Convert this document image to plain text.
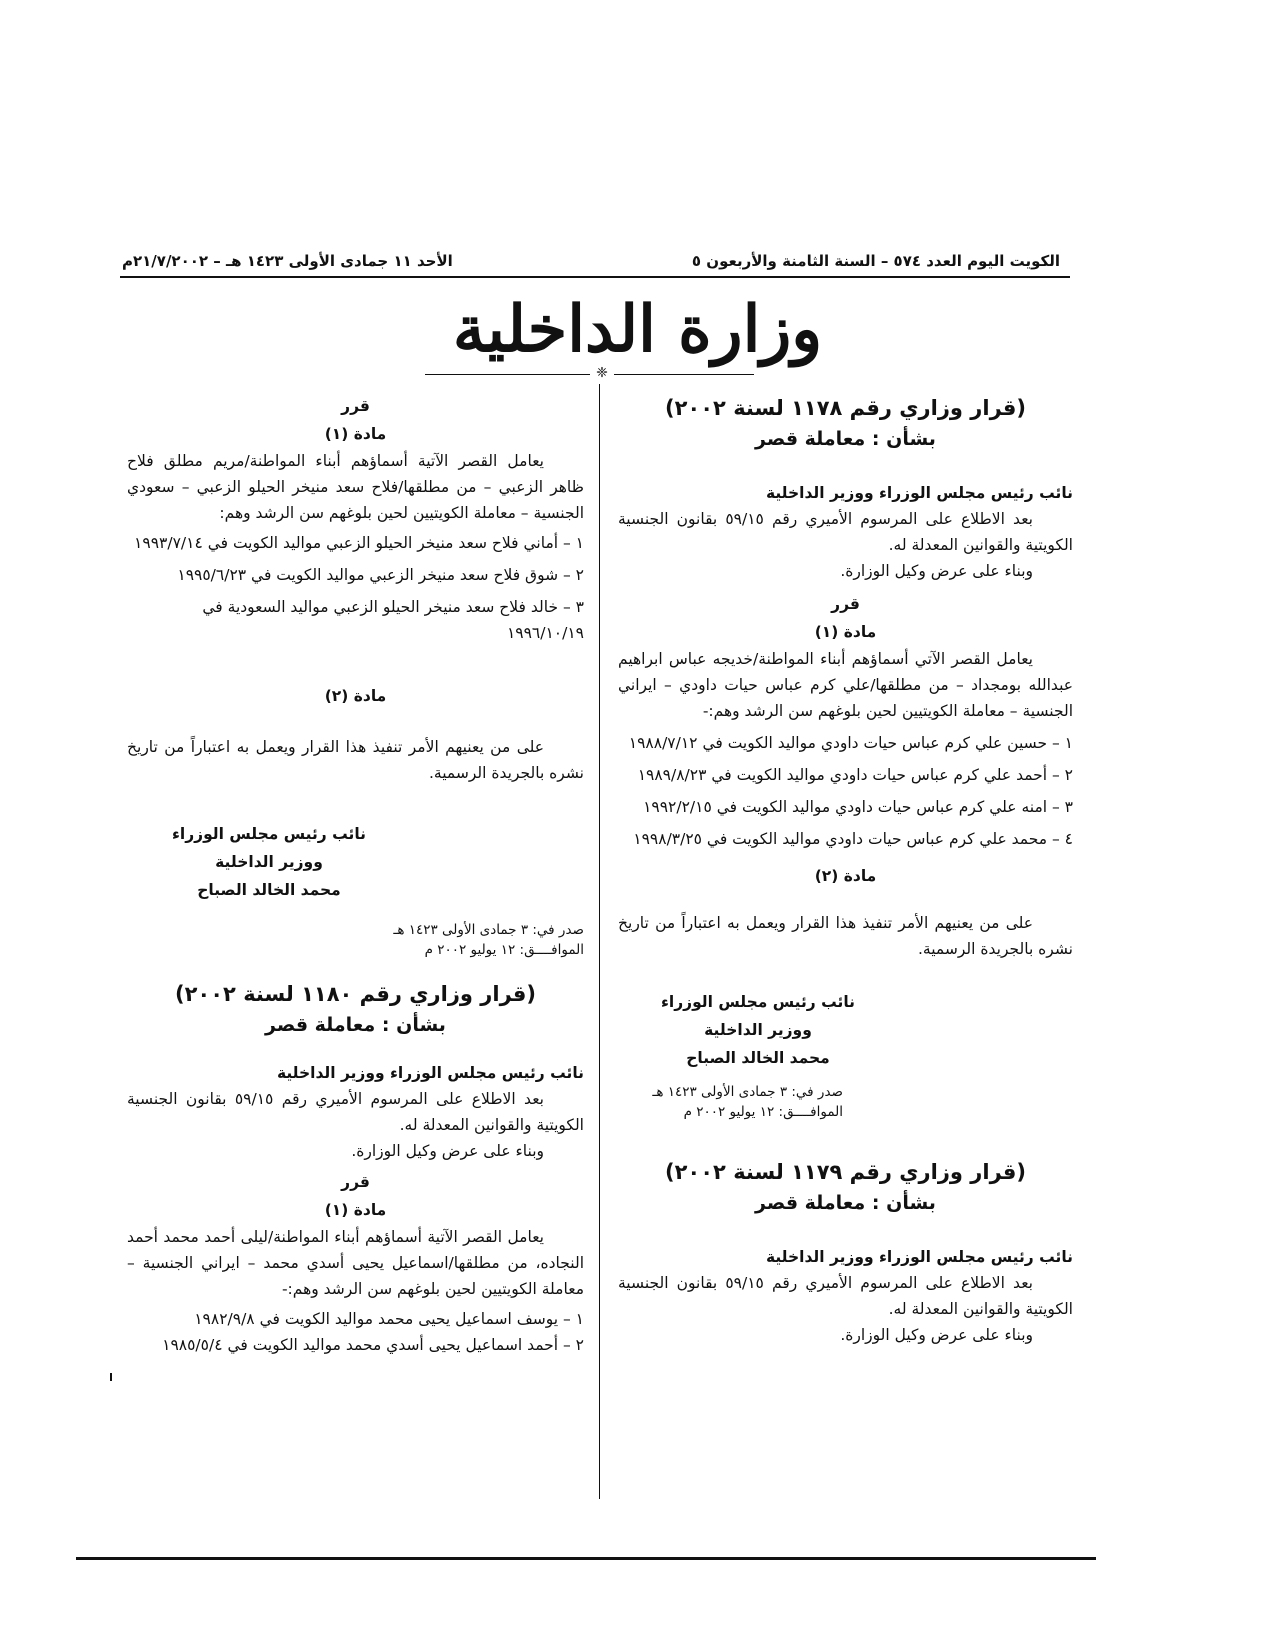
الكويت اليوم العدد ٥٧٤ – السنة الثامنة والأربعون ٥
الأحد ١١ جمادى الأولى ١٤٢٣ هـ – ٢١/٧/٢٠٠٢م
وزارة الداخلية
❈

(قرار وزاري رقم ١١٧٨ لسنة ٢٠٠٢)

بشأن : معاملة قصر

نائب رئيس مجلس الوزراء ووزير الداخلية

بعد الاطلاع على المرسوم الأميري رقم ٥٩/١٥ بقانون الجنسية الكويتية والقوانين المعدلة له.

وبناء على عرض وكيل الوزارة.

قرر

مادة (١)

يعامل القصر الآتي أسماؤهم أبناء المواطنة/خديجه عباس ابراهيم عبدالله بومجداد – من مطلقها/علي كرم عباس حيات داودي – ايراني الجنسية – معاملة الكويتيين لحين بلوغهم سن الرشد وهم:-

١ – حسين علي كرم عباس حيات داودي مواليد الكويت في ١٩٨٨/٧/١٢

٢ – أحمد علي كرم عباس حيات داودي مواليد الكويت في ١٩٨٩/٨/٢٣

٣ – امنه علي كرم عباس حيات داودي مواليد الكويت في ١٩٩٢/٢/١٥

٤ – محمد علي كرم عباس حيات داودي مواليد الكويت في ١٩٩٨/٣/٢٥

مادة (٢)

على من يعنيهم الأمر تنفيذ هذا القرار ويعمل به اعتباراً من تاريخ نشره بالجريدة الرسمية.

نائب رئيس مجلس الوزراء

ووزير الداخلية

محمد الخالد الصباح

صدر في: ٣ جمادى الأولى ١٤٢٣ هـ

الموافــــق: ١٢ يوليو ٢٠٠٢ م

(قرار وزاري رقم ١١٧٩ لسنة ٢٠٠٢)

بشأن : معاملة قصر

نائب رئيس مجلس الوزراء ووزير الداخلية

بعد الاطلاع على المرسوم الأميري رقم ٥٩/١٥ بقانون الجنسية الكويتية والقوانين المعدلة له.

وبناء على عرض وكيل الوزارة.

قرر

مادة (١)

يعامل القصر الآتية أسماؤهم أبناء المواطنة/مريم مطلق فلاح ظاهر الزعبي – من مطلقها/فلاح سعد منيخر الحيلو الزعبي – سعودي الجنسية – معاملة الكويتيين لحين بلوغهم سن الرشد وهم:

١ – أماني فلاح سعد منيخر الحيلو الزعبي مواليد الكويت في ١٩٩٣/٧/١٤

٢ – شوق فلاح سعد منيخر الزعبي مواليد الكويت في ١٩٩٥/٦/٢٣

٣ – خالد فلاح سعد منيخر الحيلو الزعبي مواليد السعودية في ١٩٩٦/١٠/١٩

مادة (٢)

على من يعنيهم الأمر تنفيذ هذا القرار ويعمل به اعتباراً من تاريخ نشره بالجريدة الرسمية.

نائب رئيس مجلس الوزراء

ووزير الداخلية

محمد الخالد الصباح

صدر في: ٣ جمادى الأولى ١٤٢٣ هـ

الموافــــق: ١٢ يوليو ٢٠٠٢ م

(قرار وزاري رقم ١١٨٠ لسنة ٢٠٠٢)

بشأن : معاملة قصر

نائب رئيس مجلس الوزراء ووزير الداخلية

بعد الاطلاع على المرسوم الأميري رقم ٥٩/١٥ بقانون الجنسية الكويتية والقوانين المعدلة له.

وبناء على عرض وكيل الوزارة.

قرر

مادة (١)

يعامل القصر الآتية أسماؤهم أبناء المواطنة/ليلى أحمد محمد أحمد النجاده، من مطلقها/اسماعيل يحيى أسدي محمد – ايراني الجنسية – معاملة الكويتيين لحين بلوغهم سن الرشد وهم:-

١ – يوسف اسماعيل يحيى محمد مواليد الكويت في ١٩٨٢/٩/٨

٢ – أحمد اسماعيل يحيى أسدي محمد مواليد الكويت في ١٩٨٥/٥/٤
